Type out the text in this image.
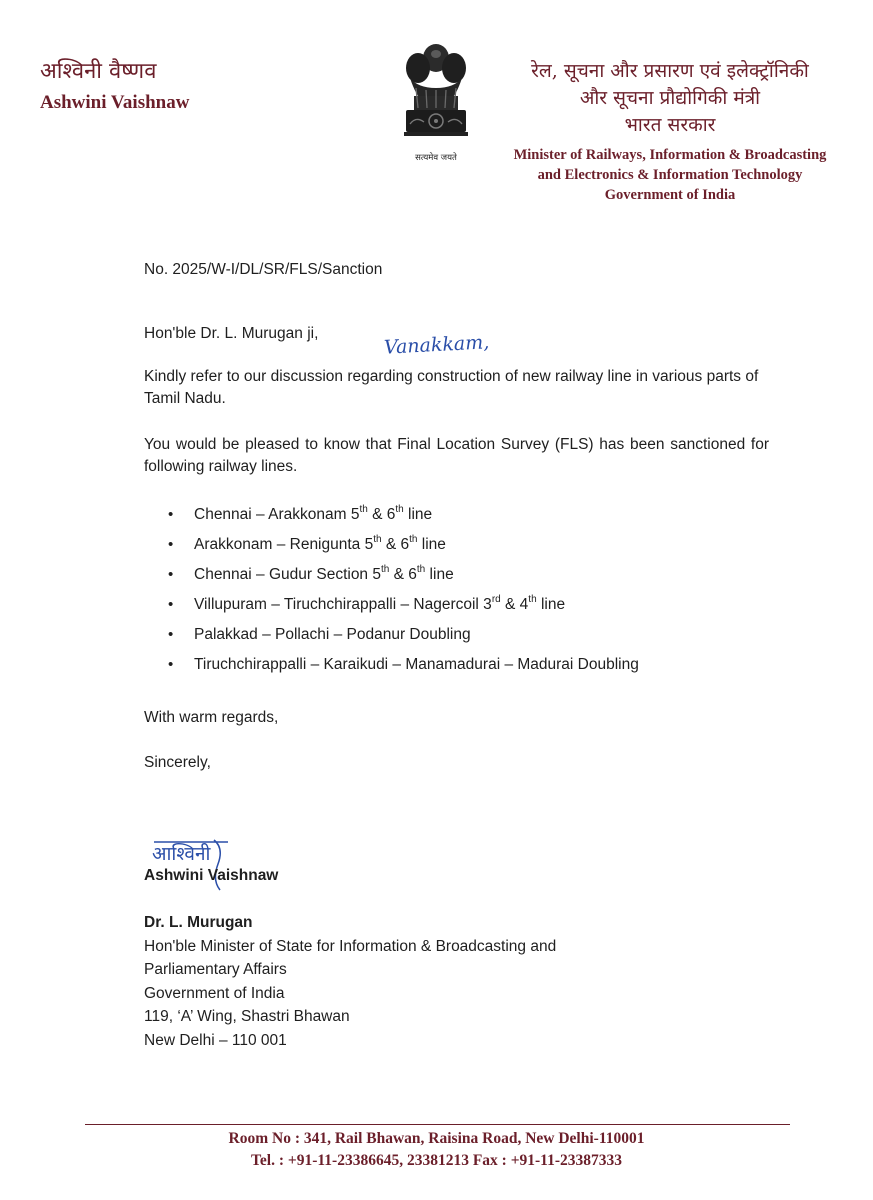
अश्विनी वैष्णव
Ashwini Vaishnaw
सत्यमेव जयते
रेल, सूचना और प्रसारण एवं इलेक्ट्रॉनिकी
और सूचना प्रौद्योगिकी मंत्री
भारत सरकार
Minister of Railways, Information & Broadcasting
and Electronics & Information Technology
Government of India
No. 2025/W-I/DL/SR/FLS/Sanction
Hon'ble Dr. L. Murugan ji,	Vanakkam,
Kindly refer to our discussion regarding construction of new railway line in various parts of Tamil Nadu.
You would be pleased to know that Final Location Survey (FLS) has been sanctioned for following railway lines.
• Chennai – Arakkonam 5th & 6th line
• Arakkonam – Renigunta 5th & 6th line
• Chennai – Gudur Section 5th & 6th line
• Villupuram – Tiruchchirappalli – Nagercoil 3rd & 4th line
• Palakkad – Pollachi – Podanur Doubling
• Tiruchchirappalli – Karaikudi – Manamadurai – Madurai Doubling
With warm regards,
Sincerely,
आश्विनी
Ashwini Vaishnaw
Dr. L. Murugan
Hon'ble Minister of State for Information & Broadcasting and
Parliamentary Affairs
Government of India
119, ‘A’ Wing, Shastri Bhawan
New Delhi – 110 001
Room No : 341, Rail Bhawan, Raisina Road, New Delhi-110001
Tel. : +91-11-23386645, 23381213 Fax : +91-11-23387333
